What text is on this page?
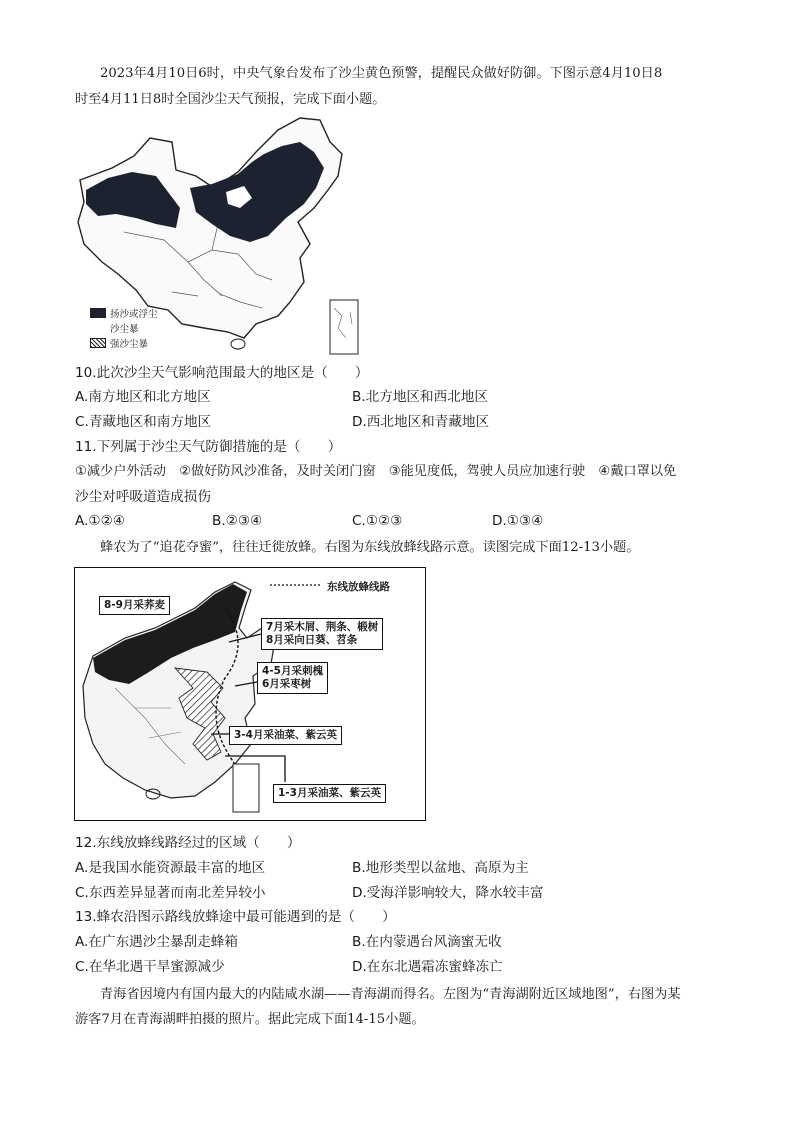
2023年4月10日6时，中央气象台发布了沙尘黄色预警，提醒民众做好防御。下图示意4月10日8
时至4月11日8时全国沙尘天气预报，完成下面小题。
扬沙或浮尘
沙尘暴
强沙尘暴
10.此次沙尘天气影响范围最大的地区是（　　）
A.南方地区和北方地区	B.北方地区和西北地区
C.青藏地区和南方地区	D.西北地区和青藏地区
11.下列属于沙尘天气防御措施的是（　　）
①减少户外活动　②做好防风沙准备，及时关闭门窗　③能见度低，驾驶人员应加速行驶　④戴口罩以免
沙尘对呼吸道造成损伤
A.①②④	B.②③④	C.①②③	D.①③④
蜂农为了“追花夺蜜”，往往迁徙放蜂。右图为东线放蜂线路示意。读图完成下面12-13小题。
东线放蜂线路
8-9月采荞麦
7月采木屑、荆条、椴树
8月采向日葵、苕条
4-5月采刺槐
6月采枣树
3-4月采油菜、紫云英
1-3月采油菜、紫云英
12.东线放蜂线路经过的区域（　　）
A.是我国水能资源最丰富的地区	B.地形类型以盆地、高原为主
C.东西差异显著而南北差异较小	D.受海洋影响较大，降水较丰富
13.蜂农沿图示路线放蜂途中最可能遇到的是（　　）
A.在广东遇沙尘暴刮走蜂箱	B.在内蒙遇台风滴蜜无收
C.在华北遇干旱蜜源减少	D.在东北遇霜冻蜜蜂冻亡
青海省因境内有国内最大的内陆咸水湖——青海湖而得名。左图为“青海湖附近区域地图”，右图为某
游客7月在青海湖畔拍摄的照片。据此完成下面14-15小题。
